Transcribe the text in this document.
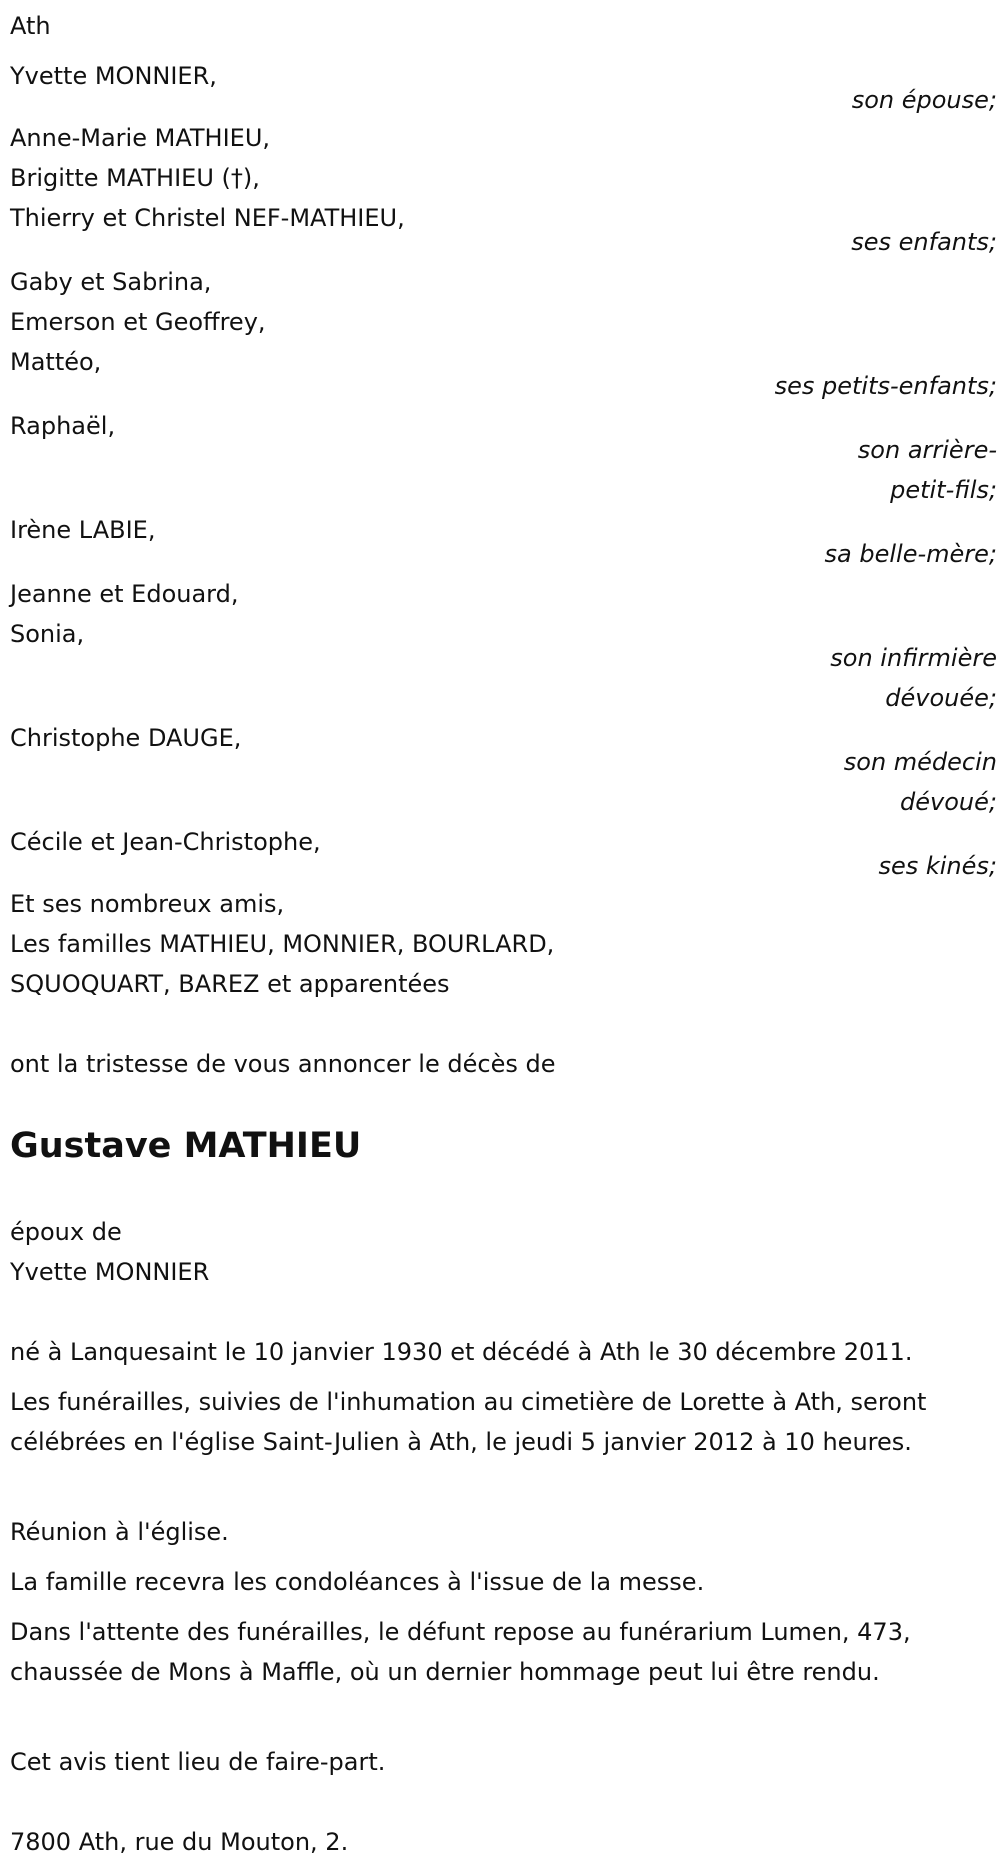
Ath
Yvette MONNIER,
son épouse;
Anne-Marie MATHIEU,
Brigitte MATHIEU (†),
Thierry et Christel NEF-MATHIEU,
ses enfants;
Gaby et Sabrina,
Emerson et Geoffrey,
Mattéo,
ses petits-enfants;
Raphaël,
son arrière-
petit-fils;
Irène LABIE,
sa belle-mère;
Jeanne et Edouard,
Sonia,
son infirmière
dévouée;
Christophe DAUGE,
son médecin
dévoué;
Cécile et Jean-Christophe,
ses kinés;
Et ses nombreux amis,
Les familles MATHIEU, MONNIER, BOURLARD,
SQUOQUART, BAREZ et apparentées
ont la tristesse de vous annoncer le décès de
Gustave MATHIEU
époux de
Yvette MONNIER
né à Lanquesaint le 10 janvier 1930 et décédé à Ath le 30 décembre 2011.
Les funérailles, suivies de l'inhumation au cimetière de Lorette à Ath, seront célébrées en l'église Saint-Julien à Ath, le jeudi 5 janvier 2012 à 10 heures.
Réunion à l'église.
La famille recevra les condoléances à l'issue de la messe.
Dans l'attente des funérailles, le défunt repose au funérarium Lumen, 473, chaussée de Mons à Maffle, où un dernier hommage peut lui être rendu.
Cet avis tient lieu de faire-part.
7800 Ath, rue du Mouton, 2.
